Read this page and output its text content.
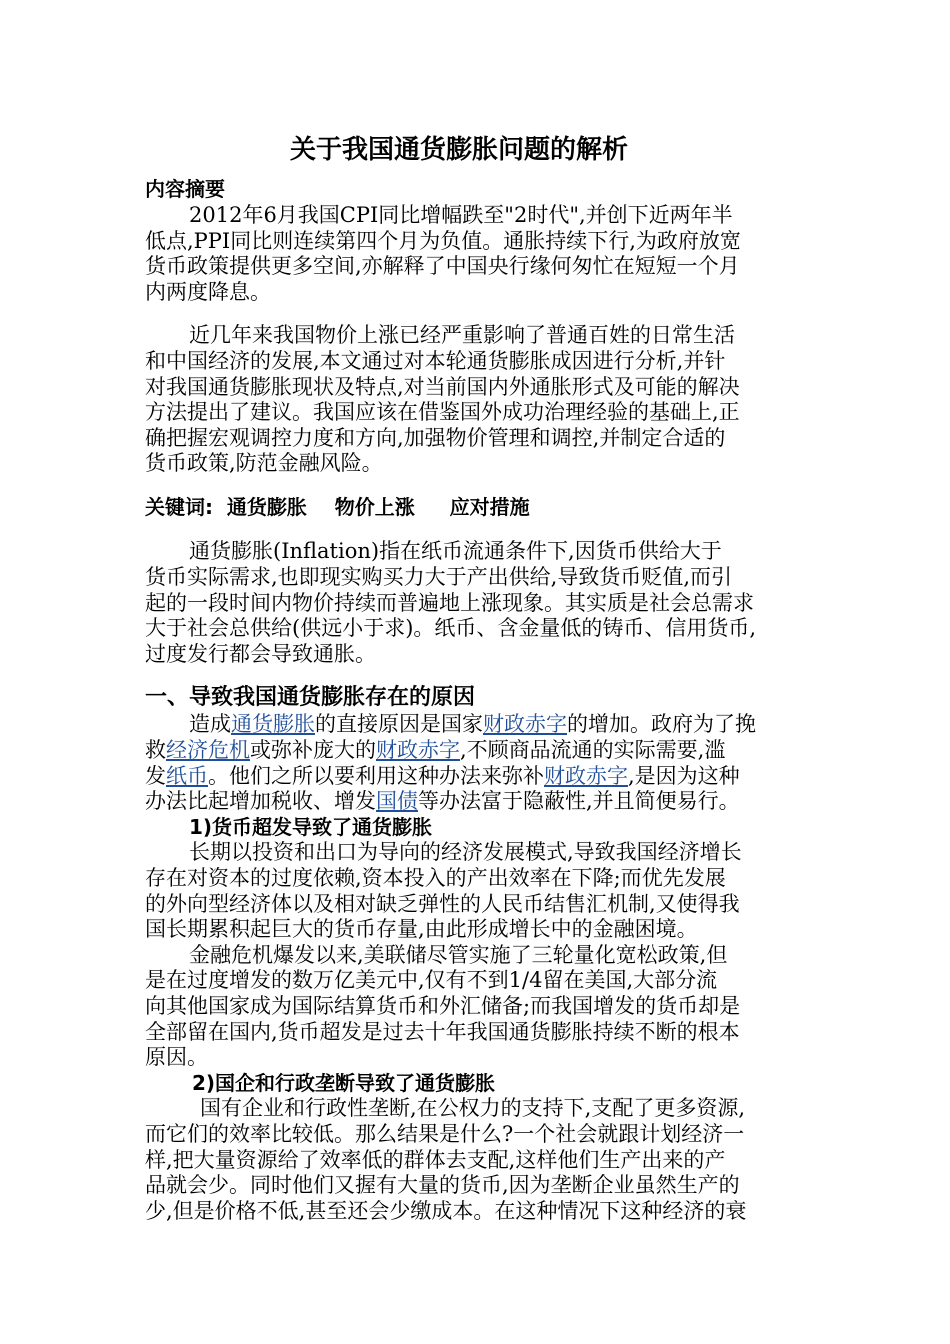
关于我国通货膨胀问题的解析
内容摘要
2012年6月我国CPI同比增幅跌至"2时代",并创下近两年半
低点,PPI同比则连续第四个月为负值。通胀持续下行,为政府放宽
货币政策提供更多空间,亦解释了中国央行缘何匆忙在短短一个月
内两度降息。
近几年来我国物价上涨已经严重影响了普通百姓的日常生活
和中国经济的发展,本文通过对本轮通货膨胀成因进行分析,并针
对我国通货膨胀现状及特点,对当前国内外通胀形式及可能的解决
方法提出了建议。我国应该在借鉴国外成功治理经验的基础上,正
确把握宏观调控力度和方向,加强物价管理和调控,并制定合适的
货币政策,防范金融风险。
关键词:  通货膨胀    物价上涨     应对措施
通货膨胀(Inflation)指在纸币流通条件下,因货币供给大于
货币实际需求,也即现实购买力大于产出供给,导致货币贬值,而引
起的一段时间内物价持续而普遍地上涨现象。其实质是社会总需求
大于社会总供给(供远小于求)。纸币、含金量低的铸币、信用货币,
过度发行都会导致通胀。
一、导致我国通货膨胀存在的原因
造成通货膨胀的直接原因是国家财政赤字的增加。政府为了挽
救经济危机或弥补庞大的财政赤字,不顾商品流通的实际需要,滥
发纸币。他们之所以要利用这种办法来弥补财政赤字,是因为这种
办法比起增加税收、增发国债等办法富于隐蔽性,并且简便易行。
1)货币超发导致了通货膨胀
长期以投资和出口为导向的经济发展模式,导致我国经济增长
存在对资本的过度依赖,资本投入的产出效率在下降;而优先发展
的外向型经济体以及相对缺乏弹性的人民币结售汇机制,又使得我
国长期累积起巨大的货币存量,由此形成增长中的金融困境。
金融危机爆发以来,美联储尽管实施了三轮量化宽松政策,但
是在过度增发的数万亿美元中,仅有不到1/4留在美国,大部分流
向其他国家成为国际结算货币和外汇储备;而我国增发的货币却是
全部留在国内,货币超发是过去十年我国通货膨胀持续不断的根本
原因。
2)国企和行政垄断导致了通货膨胀
国有企业和行政性垄断,在公权力的支持下,支配了更多资源,
而它们的效率比较低。那么结果是什么?一个社会就跟计划经济一
样,把大量资源给了效率低的群体去支配,这样他们生产出来的产
品就会少。同时他们又握有大量的货币,因为垄断企业虽然生产的
少,但是价格不低,甚至还会少缴成本。在这种情况下这种经济的衰
